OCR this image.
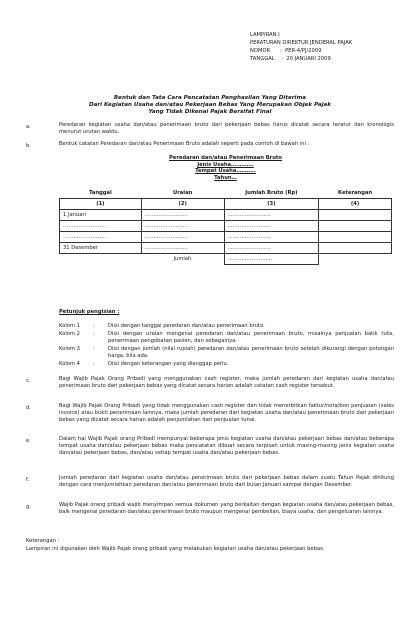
LAMPIRAN I
PERATURAN DIREKTUR JENDERAL PAJAK
NOMOR      :  PER-4/PJ/2009
TANGGAL    :  20 JANUARI 2009
Bentuk dan Tata Cara Pencatatan Penghasilan Yang Diterima
Dari Kegiatan Usaha dan/atau Pekerjaan Bebas Yang Merupakan Objek Pajak
Yang Tidak Dikenai Pajak Bersifat Final
a.	Peredaran kegiatan usaha dan/atau penerimaan bruto dari pekerjaan bebas harus dicatat secara teratur dan kronologis menurut urutan waktu.
b.	Bentuk catatan Peredaran dan/atau Penerimaan Bruto adalah seperti pada contoh di bawah ini :
Peredaran dan/atau Penerimaan Bruto
Jenis Usaha………….
Tempat Usaha………..
Tahun…
Tanggal	Uraian	Jumlah Bruto (Rp)	Keterangan
(1)	(2)	(3)	(4)
1 Januari	…………………….	…………………….	
…………………….	…………………….	…………………….	
…………………….	…………………….	…………………….	
31 Desember	…………………….	…………………….	
	Jumlah	……………………..	
Petunjuk pengisian :
Kolom 1	:	Diisi dengan tanggal peredaran dan/atau penerimaan bruto.
Kolom 2	:	Diisi dengan uraian mengenai peredaran dan/atau penerimaan bruto, misalnya penjualan batik tulis, penerimaan pengobatan pasien, dan sebagainya.
Kolom 3	:	Diisi dengan jumlah (nilai rupiah) peredaran dan/atau penerimaan bruto setelah dikurangi dengan potongan harga, bila ada.
Kolom 4	:	Diisi dengan keterangan yang dianggap perlu.
c.	Bagi Wajib Pajak Orang Pribadi yang menggunakan cash register, maka jumlah peredaran dari kegiatan usaha dan/atau penerimaan bruto dari pekerjaan bebas yang dicatat secara harian adalah catatan cash register tersebut.
d.	Bagi Wajib Pajak Orang Pribadi yang tidak menggunakan cash register dan tidak menerbitkan faktur/nota/bon penjualan (sales invoice) atau bukti penerimaan lainnya, maka jumlah peredaran dari kegiatan usaha dan/atau penerimaan bruto dari pekerjaan bebas yang dicatat secara harian adalah penjumlahan dari penjualan tunai.
e.	Dalam hal Wajib Pajak orang Pribadi mempunyai beberapa jenis kegiatan usaha dan/atau pekerjaan bebas dan/atau beberapa tempat usaha dan/atau pekerjaan bebas maka pencatatan dibuat secara terpisah untuk masing-masing jenis kegiatan usaha dan/atau pekerjaan bebas, dan/atau setiap tempat usaha dan/atau pekerjaan bebas.
f.	Jumlah peredaran dari kegiatan usaha dan/atau penerimaan bruto dari pekerjaan bebas dalam suatu Tahun Pajak dihitung dengan cara menjumlahkan peredaran dan/atau penerimaan bruto dari bulan Januari sampai dengan Desember.
g.	Wajib Pajak orang pribadi wajib menyimpan semua dokumen yang berkaitan dengan kegiatan usaha dan/atau pekerjaan bebas, baik mengenai peredaran dan/atau penerimaan bruto maupun mengenai pembelian, biaya usaha, dan pengeluaran lainnya.
Keterangan :
Lampiran ini digunakan oleh Wajib Pajak orang pribadi yang melakukan kegiatan usaha dan/atau pekerjaan bebas.
